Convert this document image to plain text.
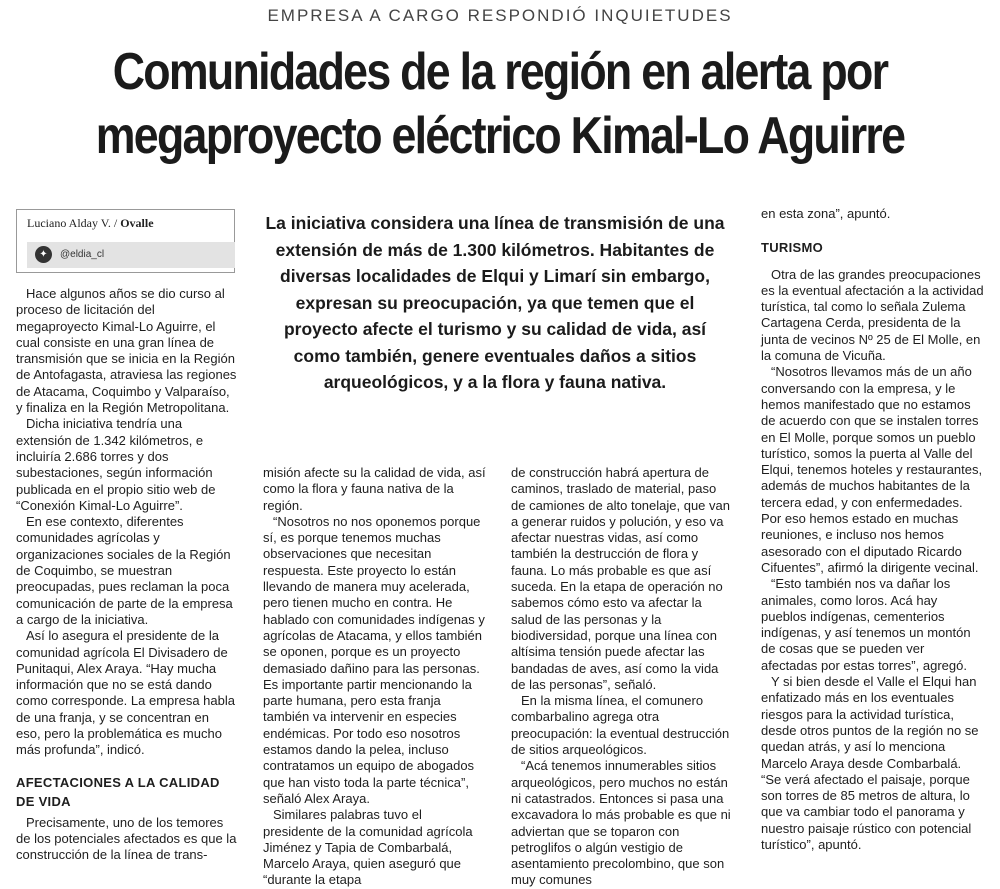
EMPRESA A CARGO RESPONDIÓ INQUIETUDES
Comunidades de la región en alerta por
megaproyecto eléctrico Kimal-Lo Aguirre
Luciano Alday V. / Ovalle
✦	@eldia_cl
La iniciativa considera una línea de transmisión de una extensión de más de 1.300 kilómetros. Habitantes de diversas localidades de Elqui y Limarí sin embargo, expresan su preocupación, ya que temen que el proyecto afecte el turismo y su calidad de vida, así como también, genere eventuales daños a sitios arqueológicos, y a la flora y fauna nativa.

Hace algunos años se dio curso al proceso de licitación del megaproyecto Kimal-Lo Aguirre, el cual consiste en una gran línea de transmisión que se inicia en la Región de Antofagasta, atraviesa las regiones de Atacama, Coquimbo y Valparaíso, y finaliza en la Región Metropolitana.

Dicha iniciativa tendría una extensión de 1.342 kilómetros, e incluiría 2.686 torres y dos subestaciones, según información publicada en el propio sitio web de “Conexión Kimal-Lo Aguirre”.

En ese contexto, diferentes comunidades agrícolas y organizaciones sociales de la Región de Coquimbo, se muestran preocupadas, pues reclaman la poca comunicación de parte de la empresa a cargo de la iniciativa.

Así lo asegura el presidente de la comunidad agrícola El Divisadero de Punitaqui, Alex Araya. “Hay mucha información que no se está dando como corresponde. La empresa habla de una franja, y se concentran en eso, pero la problemática es mucho más profunda”, indicó.

AFECTACIONES A LA CALIDAD DE VIDA

Precisamente, uno de los temores de los potenciales afectados es que la construcción de la línea de trans-

misión afecte su la calidad de vida, así como la flora y fauna nativa de la región.

“Nosotros no nos oponemos porque sí, es porque tenemos muchas observaciones que necesitan respuesta. Este proyecto lo están llevando de manera muy acelerada, pero tienen mucho en contra. He hablado con comunidades indígenas y agrícolas de Atacama, y ellos también se oponen, porque es un proyecto demasiado dañino para las personas. Es importante partir mencionando la parte humana, pero esta franja también va intervenir en especies endémicas. Por todo eso nosotros estamos dando la pelea, incluso contratamos un equipo de abogados que han visto toda la parte técnica”, señaló Alex Araya.

Similares palabras tuvo el presidente de la comunidad agrícola Jiménez y Tapia de Combarbalá, Marcelo Araya, quien aseguró que “durante la etapa

de construcción habrá apertura de caminos, traslado de material, paso de camiones de alto tonelaje, que van a generar ruidos y polución, y eso va afectar nuestras vidas, así como también la destrucción de flora y fauna. Lo más probable es que así suceda. En la etapa de operación no sabemos cómo esto va afectar la salud de las personas y la biodiversidad, porque una línea con altísima tensión puede afectar las bandadas de aves, así como la vida de las personas”, señaló.

En la misma línea, el comunero combarbalino agrega otra preocupación: la eventual destrucción de sitios arqueológicos.

“Acá tenemos innumerables sitios arqueológicos, pero muchos no están ni catastrados. Entonces si pasa una excavadora lo más probable es que ni adviertan que se toparon con petroglifos o algún vestigio de asentamiento precolombino, que son muy comunes

en esta zona”, apuntó.

TURISMO

Otra de las grandes preocupaciones es la eventual afectación a la actividad turística, tal como lo señala Zulema Cartagena Cerda, presidenta de la junta de vecinos Nº 25 de El Molle, en la comuna de Vicuña.

“Nosotros llevamos más de un año conversando con la empresa, y le hemos manifestado que no estamos de acuerdo con que se instalen torres en El Molle, porque somos un pueblo turístico, somos la puerta al Valle del Elqui, tenemos hoteles y restaurantes, además de muchos habitantes de la tercera edad, y con enfermedades. Por eso hemos estado en muchas reuniones, e incluso nos hemos asesorado con el diputado Ricardo Cifuentes”, afirmó la dirigente vecinal.

“Esto también nos va dañar los animales, como loros. Acá hay pueblos indígenas, cementerios indígenas, y así tenemos un montón de cosas que se pueden ver afectadas por estas torres”, agregó.

Y si bien desde el Valle el Elqui han enfatizado más en los eventuales riesgos para la actividad turística, desde otros puntos de la región no se quedan atrás, y así lo menciona Marcelo Araya desde Combarbalá. “Se verá afectado el paisaje, porque son torres de 85 metros de altura, lo que va cambiar todo el panorama y nuestro paisaje rústico con potencial turístico”, apuntó.
